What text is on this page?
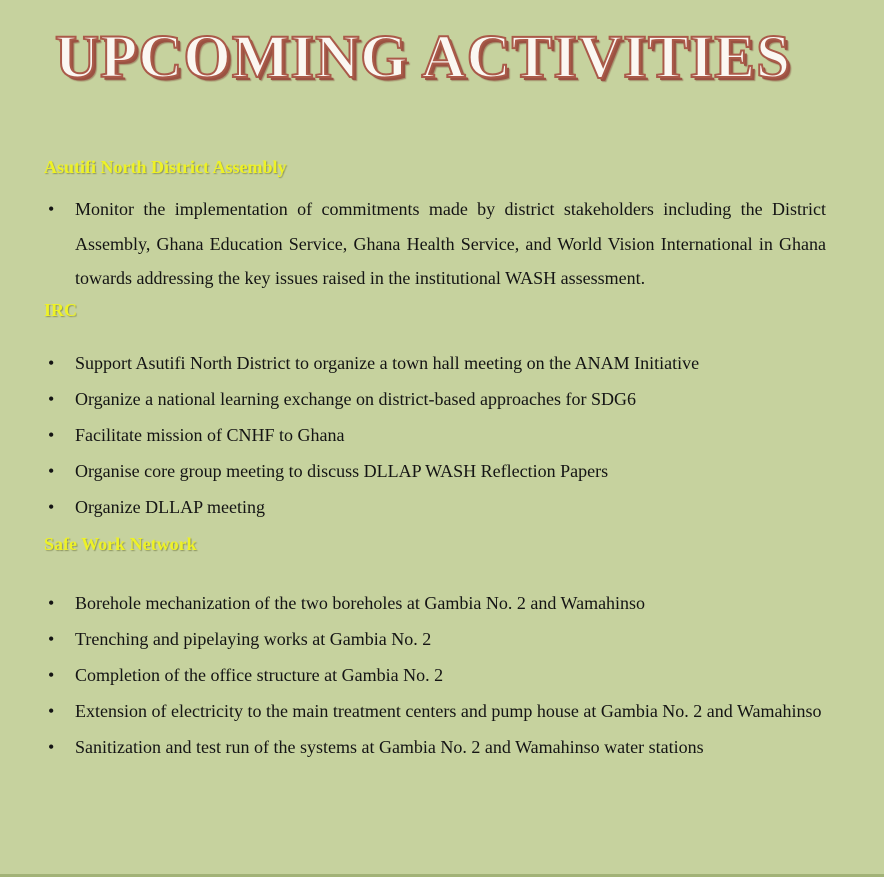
UPCOMING ACTIVITIES
Asutifi North District Assembly
• Monitor the implementation of commitments made by district stakeholders including the District Assembly, Ghana Education Service, Ghana Health Service, and World Vision International in Ghana towards addressing the key issues raised in the institutional WASH assessment.
IRC
• Support Asutifi North District to organize a town hall meeting on the ANAM Initiative
• Organize a national learning exchange on district-based approaches for SDG6
• Facilitate mission of CNHF to Ghana
• Organise core group meeting to discuss DLLAP WASH Reflection Papers
• Organize DLLAP meeting
Safe Work Network
• Borehole mechanization of the two boreholes at Gambia No. 2 and Wamahinso
• Trenching and pipelaying works at Gambia No. 2
• Completion of the office structure at Gambia No. 2
• Extension of electricity to the main treatment centers and pump house at Gambia No. 2 and Wamahinso
• Sanitization and test run of the systems at Gambia No. 2 and Wamahinso water stations
